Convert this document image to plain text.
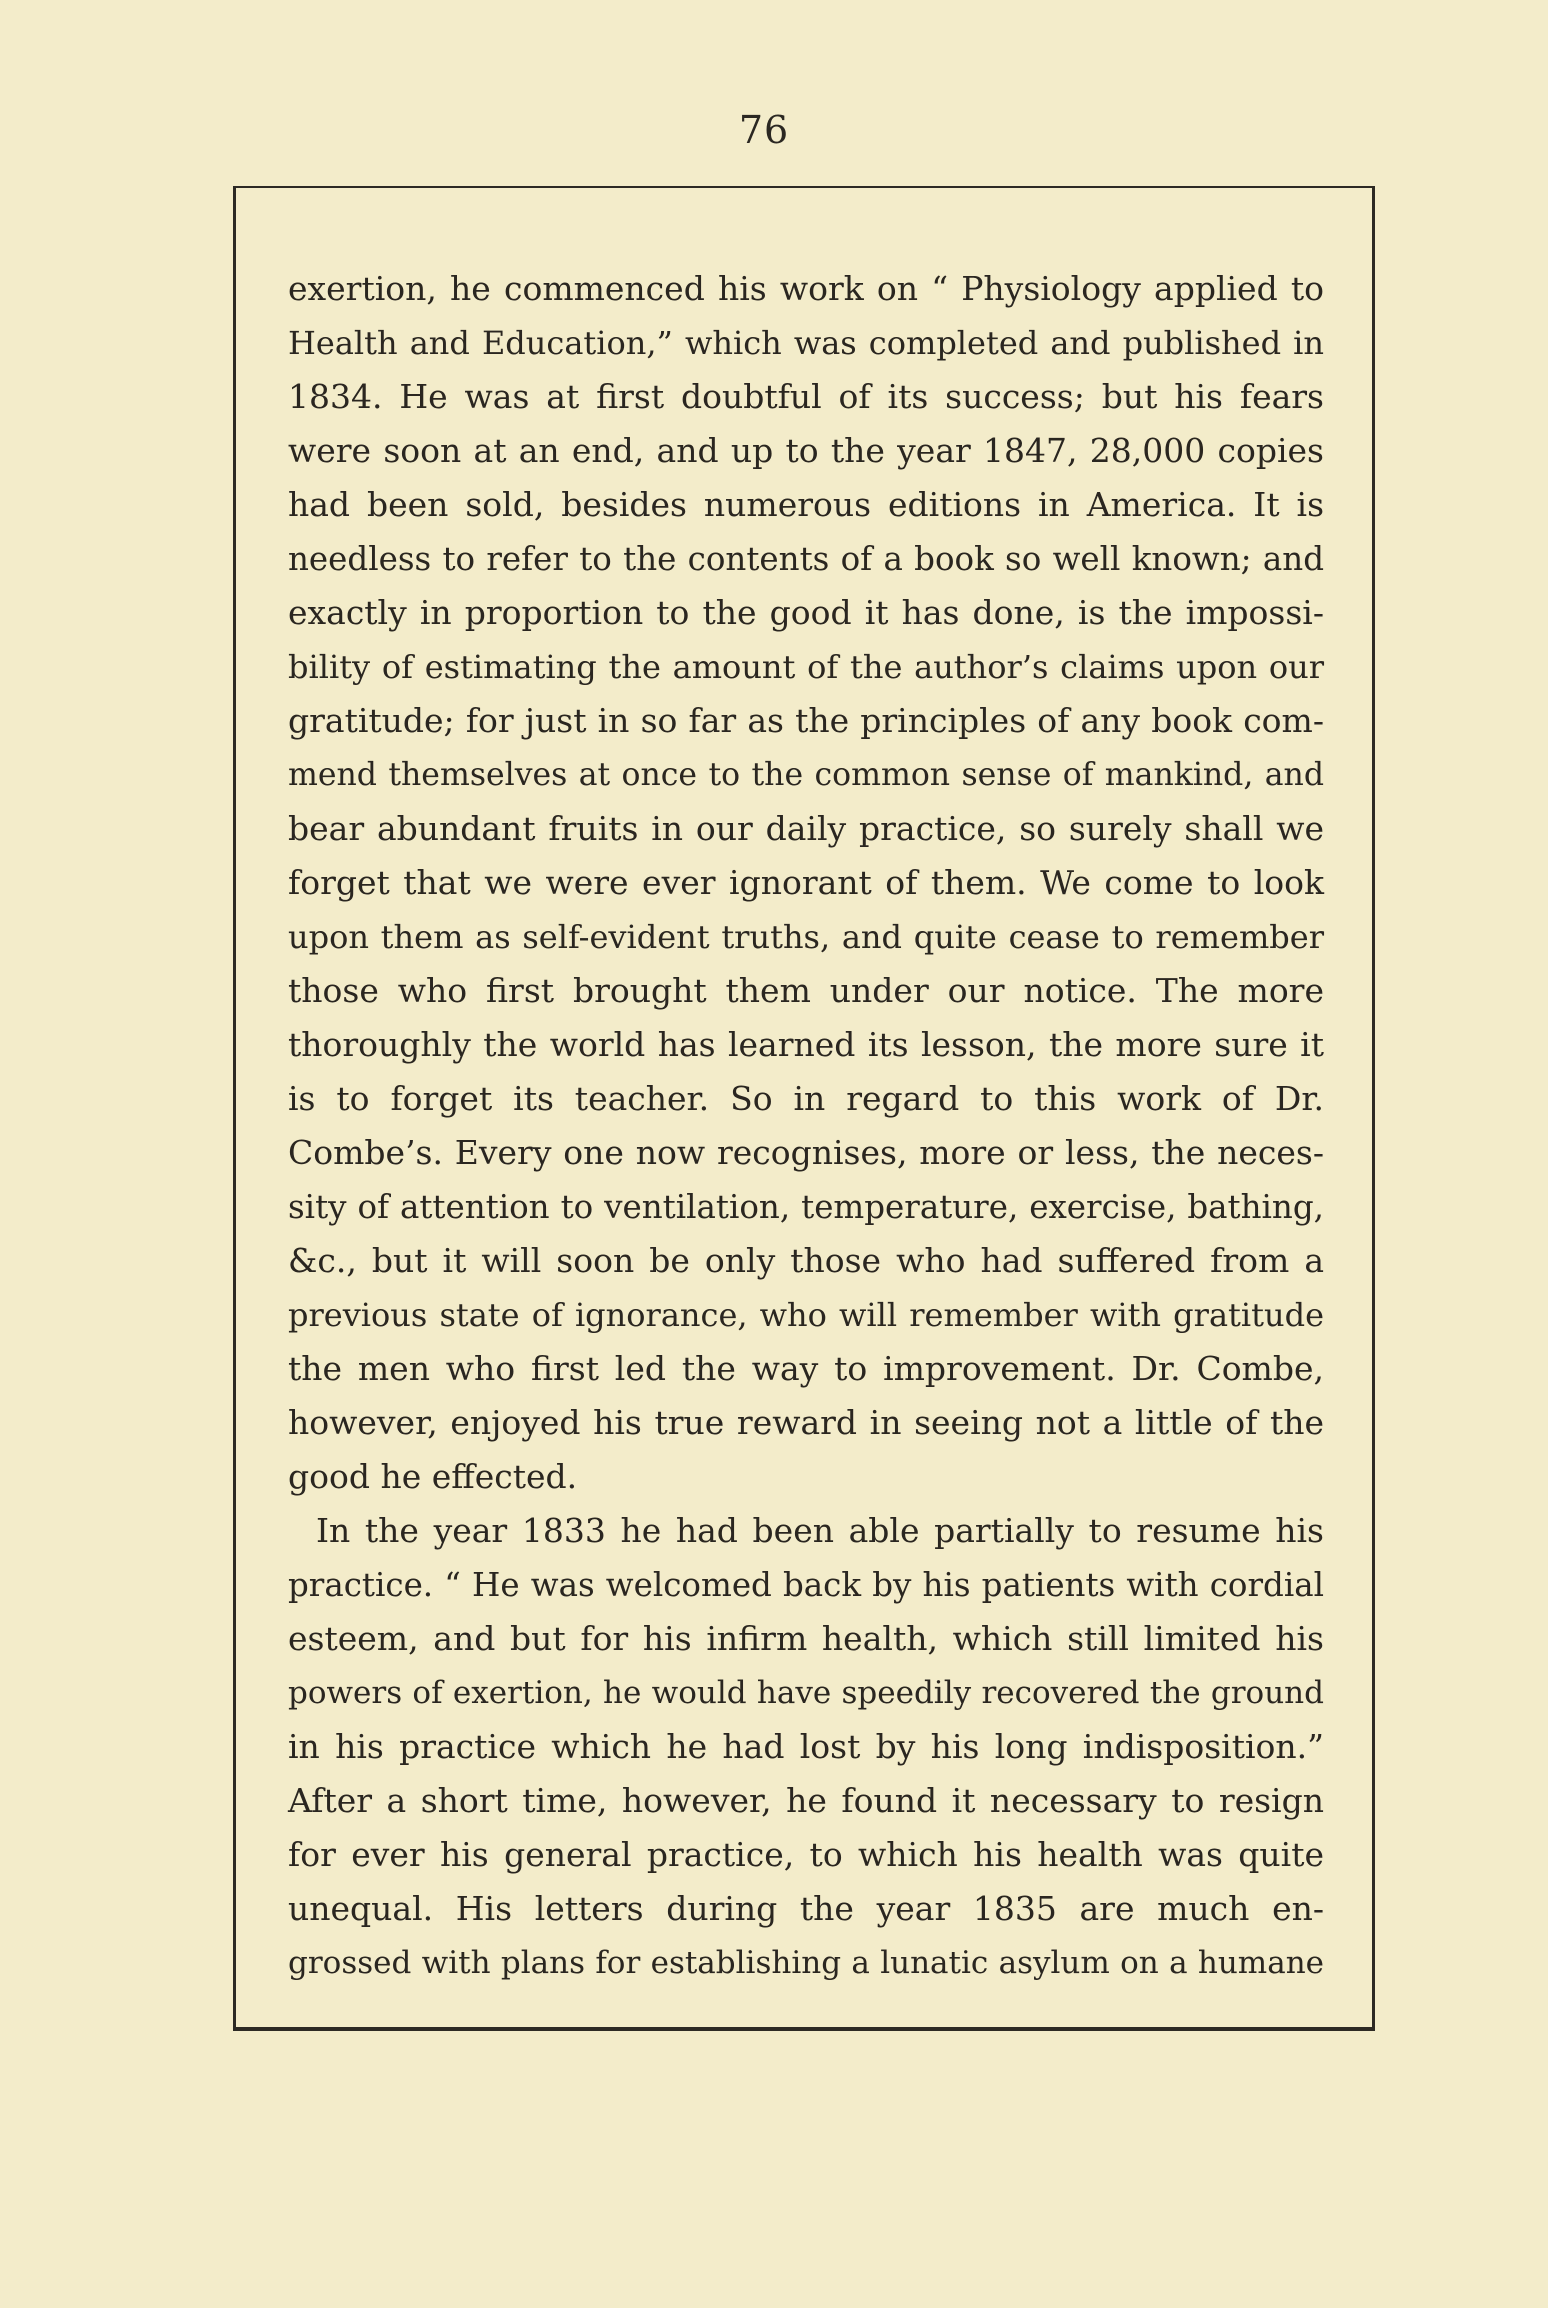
76
exertion, he commenced his work on “ Physiology applied to
Health and Education,” which was completed and published in
1834. He was at first doubtful of its success; but his fears
were soon at an end, and up to the year 1847, 28,000 copies
had been sold, besides numerous editions in America. It is
needless to refer to the contents of a book so well known; and
exactly in proportion to the good it has done, is the impossi-
bility of estimating the amount of the author’s claims upon our
gratitude; for just in so far as the principles of any book com-
mend themselves at once to the common sense of mankind, and
bear abundant fruits in our daily practice, so surely shall we
forget that we were ever ignorant of them. We come to look
upon them as self-evident truths, and quite cease to remember
those who first brought them under our notice. The more
thoroughly the world has learned its lesson, the more sure it
is to forget its teacher. So in regard to this work of Dr.
Combe’s. Every one now recognises, more or less, the neces-
sity of attention to ventilation, temperature, exercise, bathing,
&c., but it will soon be only those who had suffered from a
previous state of ignorance, who will remember with gratitude
the men who first led the way to improvement. Dr. Combe,
however, enjoyed his true reward in seeing not a little of the
good he effected.
In the year 1833 he had been able partially to resume his
practice. “ He was welcomed back by his patients with cordial
esteem, and but for his infirm health, which still limited his
powers of exertion, he would have speedily recovered the ground
in his practice which he had lost by his long indisposition.”
After a short time, however, he found it necessary to resign
for ever his general practice, to which his health was quite
unequal. His letters during the year 1835 are much en-
grossed with plans for establishing a lunatic asylum on a humane
